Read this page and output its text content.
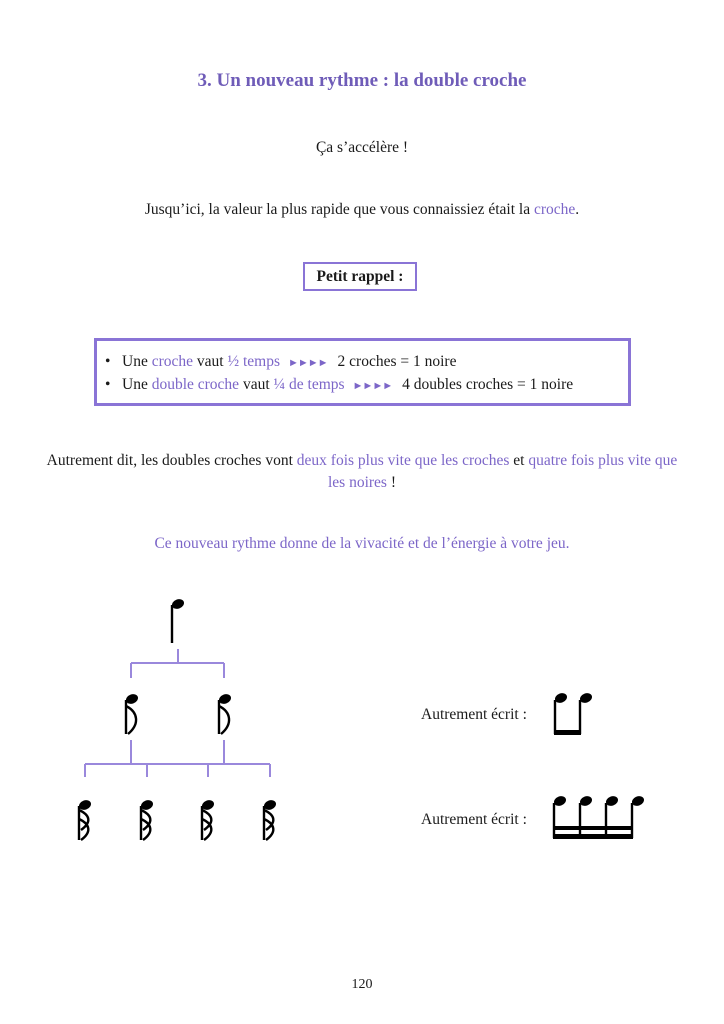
3. Un nouveau rythme : la double croche
Ça s’accélère !
Jusqu’ici, la valeur la plus rapide que vous connaissiez était la croche.
Petit rappel :
• Une croche vaut ½ temps ►►►► 2 croches = 1 noire
• Une double croche vaut ¼ de temps ►►►► 4 doubles croches = 1 noire
Autrement dit, les doubles croches vont deux fois plus vite que les croches et quatre fois plus vite que les noires !
Ce nouveau rythme donne de la vivacité et de l’énergie à votre jeu.
Autrement écrit :
Autrement écrit :
120
